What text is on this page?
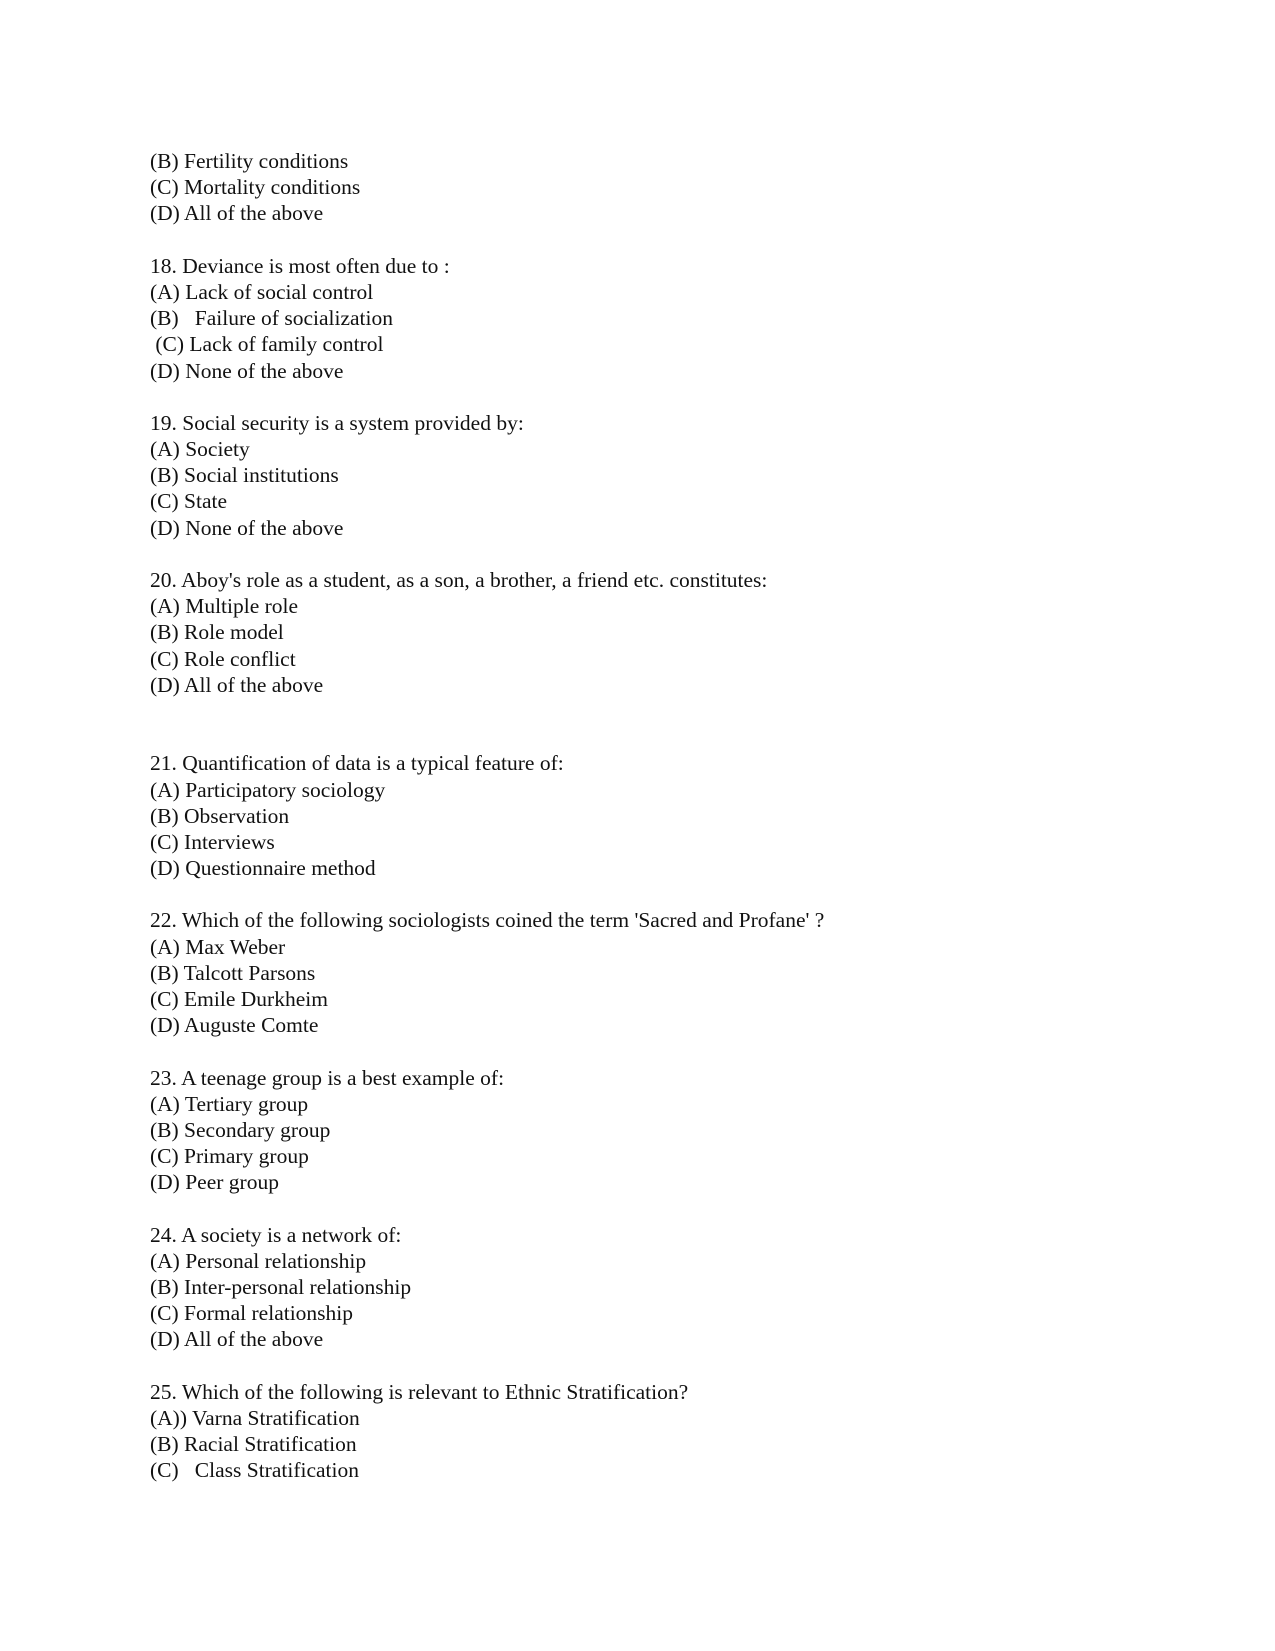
(B) Fertility conditions
(C) Mortality conditions
(D) All of the above
18. Deviance is most often due to :
(A) Lack of social control
(B)   Failure of socialization
(C) Lack of family control
(D) None of the above
19. Social security is a system provided by:
(A) Society
(B) Social institutions
(C) State
(D) None of the above
20. Aboy's role as a student, as a son, a brother, a friend etc. constitutes:
(A) Multiple role
(B) Role model
(C) Role conflict
(D) All of the above
21. Quantification of data is a typical feature of:
(A) Participatory sociology
(B) Observation
(C) Interviews
(D) Questionnaire method
22. Which of the following sociologists coined the term 'Sacred and Profane' ?
(A) Max Weber
(B) Talcott Parsons
(C) Emile Durkheim
(D) Auguste Comte
23. A teenage group is a best example of:
(A) Tertiary group
(B) Secondary group
(C) Primary group
(D) Peer group
24. A society is a network of:
(A) Personal relationship
(B) Inter-personal relationship
(C) Formal relationship
(D) All of the above
25. Which of the following is relevant to Ethnic Stratification?
(A)) Varna Stratification
(B) Racial Stratification
(C)   Class Stratification
